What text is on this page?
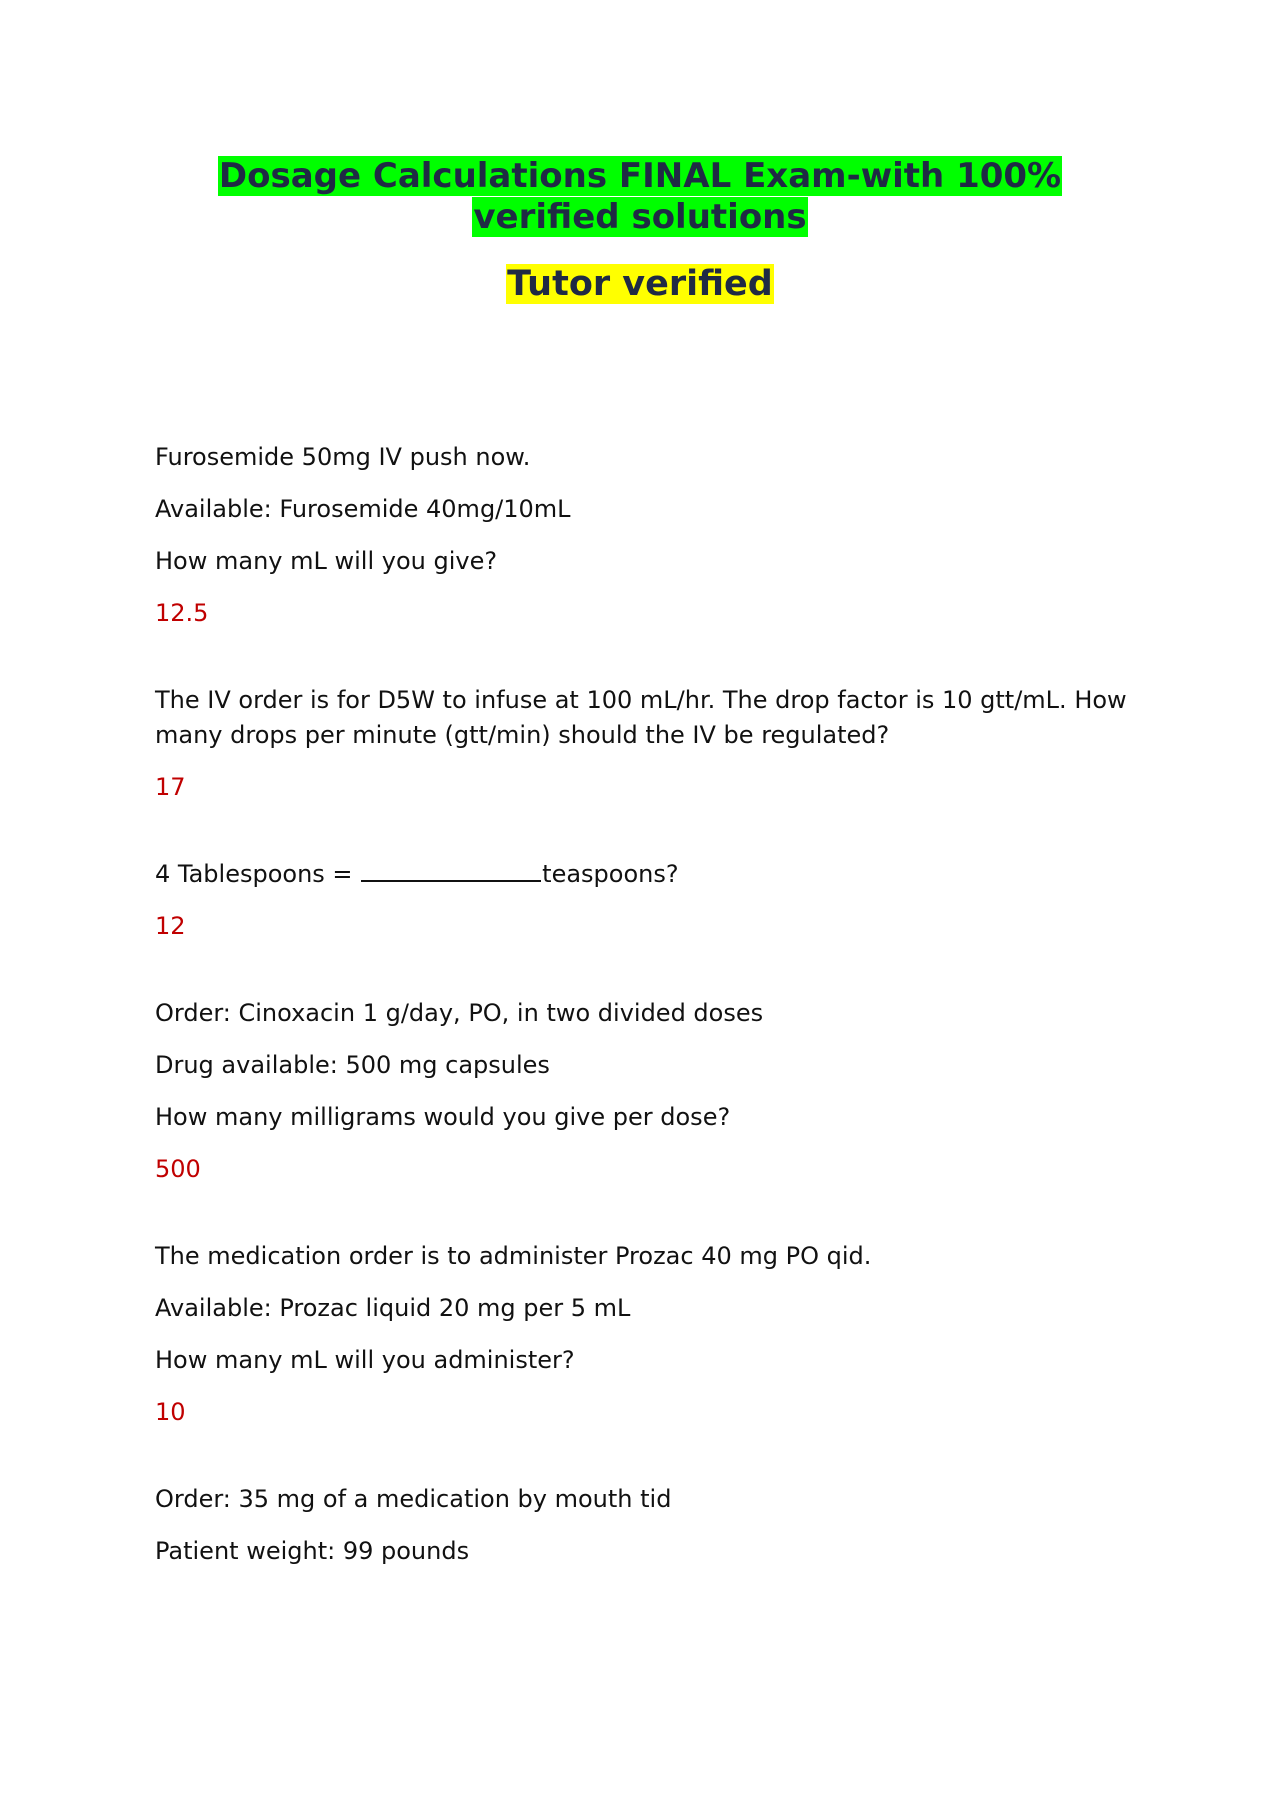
Dosage Calculations FINAL Exam-with 100%
verified solutions
Tutor verified

Furosemide 50mg IV push now.

Available: Furosemide 40mg/10mL

How many mL will you give?

12.5

The IV order is for D5W to infuse at 100 mL/hr. The drop factor is 10 gtt/mL. How many drops per minute (gtt/min) should the IV be regulated?

17

4 Tablespoons =	teaspoons?

12

Order: Cinoxacin 1 g/day, PO, in two divided doses

Drug available: 500 mg capsules

How many milligrams would you give per dose?

500

The medication order is to administer Prozac 40 mg PO qid.

Available: Prozac liquid 20 mg per 5 mL

How many mL will you administer?

10

Order: 35 mg of a medication by mouth tid

Patient weight: 99 pounds
